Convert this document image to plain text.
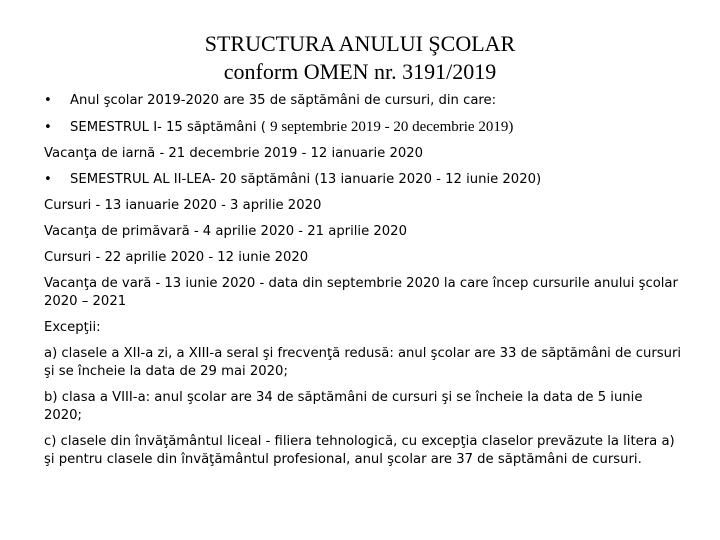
STRUCTURA ANULUI ŞCOLAR
conform OMEN nr. 3191/2019

• Anul şcolar 2019-2020 are 35 de săptămâni de cursuri, din care:

• SEMESTRUL I- 15 săptămâni ( 9 septembrie 2019 - 20 decembrie 2019)

Vacanţa de iarnă - 21 decembrie 2019 - 12 ianuarie 2020

• SEMESTRUL AL II-LEA- 20 săptămâni (13 ianuarie 2020 - 12 iunie 2020)

Cursuri - 13 ianuarie 2020 - 3 aprilie 2020

Vacanţa de primăvară - 4 aprilie 2020 - 21 aprilie 2020

Cursuri - 22 aprilie 2020 - 12 iunie 2020

Vacanţa de vară - 13 iunie 2020 - data din septembrie 2020 la care încep cursurile anului şcolar 2020 – 2021

Excepţii:

a) clasele a XII-a zi, a XIII-a seral şi frecvenţă redusă: anul şcolar are 33 de săptămâni de cursuri şi se încheie la data de 29 mai 2020;

b) clasa a VIII-a: anul şcolar are 34 de săptămâni de cursuri şi se încheie la data de 5 iunie 2020;

c) clasele din învăţământul liceal - filiera tehnologică, cu excepţia claselor prevăzute la litera a) şi pentru clasele din învăţământul profesional, anul şcolar are 37 de săptămâni de cursuri.
